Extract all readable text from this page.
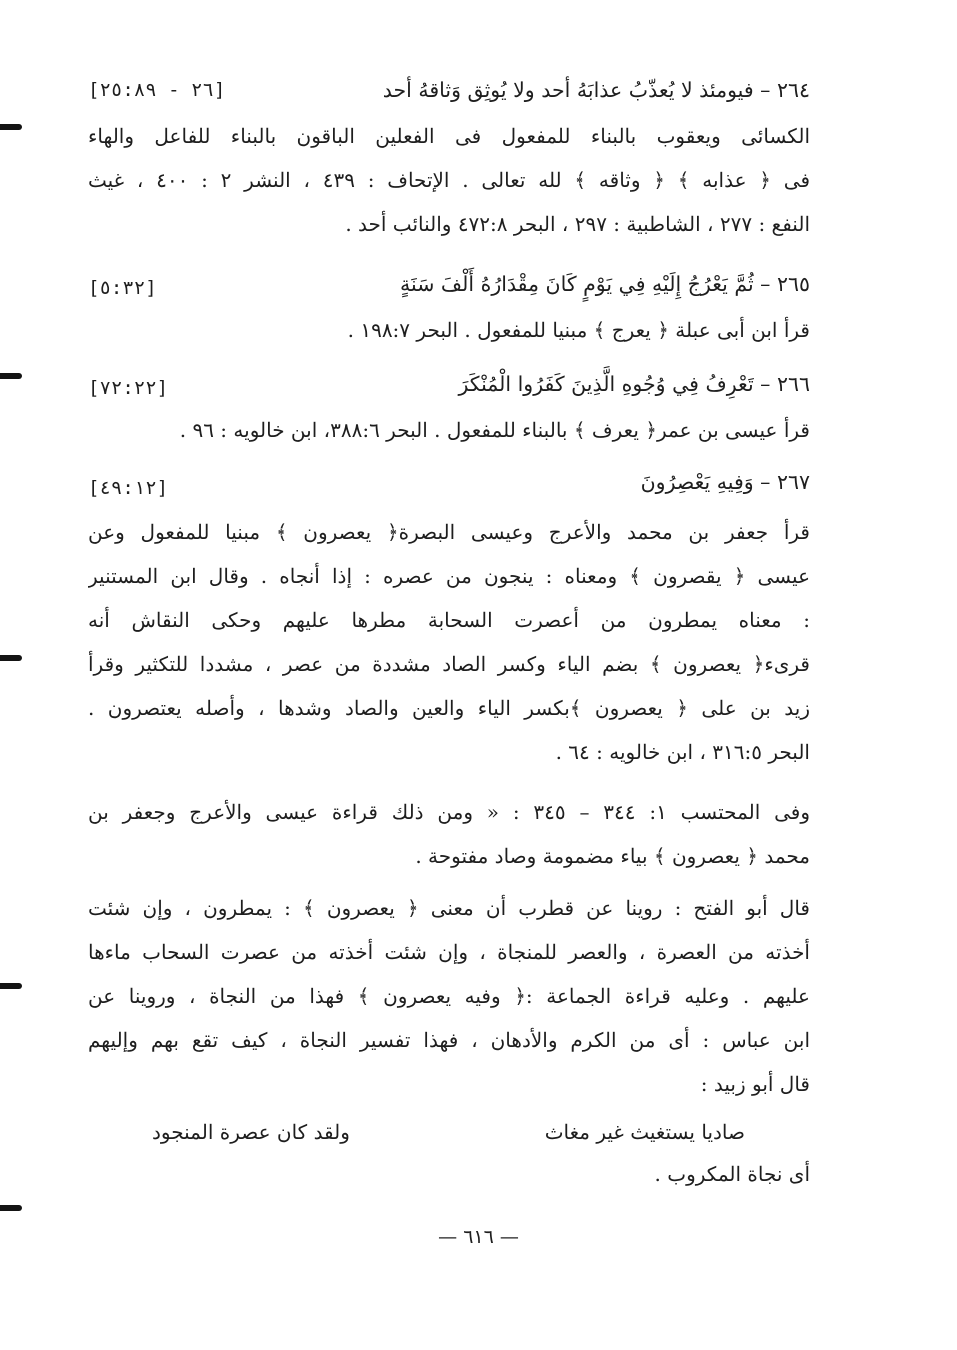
٢٦٤ – فيومئذ لا يُعذّبُ عذابَهُ أحد ولا يُوثِق وَثاقهُ أحد
[٢٦ - ٢٥:٨٩]
الكسائى ويعقوب بالبناء للمفعول فى الفعلين الباقون بالبناء للفاعل والهاء
فى ﴿ عذابه ﴾ ﴿ وثاقه ﴾ لله تعالى . الإتحاف : ٤٣٩ ، النشر ٢ : ٤٠٠ ، غيث
النفع : ٢٧٧ ، الشاطبية : ٢٩٧ ، البحر ٤٧٢:٨ والنائب أحد .
٢٦٥ – ثُمَّ يَعْرُجُ إِلَيْهِ فِي يَوْمٍ كَانَ مِقْدَارُهُ أَلْفَ سَنَةٍ
[٥:٣٢]
قرأ ابن أبى عبلة ﴿ يعرج ﴾ مبنيا للمفعول . البحر ١٩٨:٧ .
٢٦٦ – تَعْرِفُ فِي وُجُوهِ الَّذِينَ كَفَرُوا الْمُنْكَرَ
[٧٢:٢٢]
قرأ عيسى بن عمر﴿ يعرف ﴾ بالبناء للمفعول . البحر ٣٨٨:٦، ابن خالويه : ٩٦ .
٢٦٧ – وَفِيهِ يَعْصِرُونَ
[٤٩:١٢]
قرأ جعفر بن محمد والأعرج وعيسى البصرة﴿ يعصرون ﴾ مبنيا للمفعول وعن
عيسى ﴿ يقصرون ﴾ ومعناه : ينجون من عصره : إذا أنجاه . وقال ابن المستنير
: معناه يمطرون من أعصرت السحابة مطرها عليهم وحكى النقاش أنه
قرىء﴿ يعصرون ﴾ بضم الياء وكسر الصاد مشددة من عصر ، مشددا للتكثير وقرأ
زيد بن على ﴿ يعصرون ﴾بكسر الياء والعين والصاد وشدها ، وأصله يعتصرون .
البحر ٣١٦:٥ ، ابن خالويه : ٦٤ .
وفى المحتسب ١: ٣٤٤ – ٣٤٥ : « ومن ذلك قراءة عيسى والأعرج وجعفر بن
محمد ﴿ يعصرون ﴾ بياء مضمومة وصاد مفتوحة .
قال أبو الفتح : روينا عن قطرب أن معنى ﴿ يعصرون ﴾ : يمطرون ، وإن شئت
أخذته من العصرة ، والعصر للمنجاة ، وإن شئت أخذته من عصرت السحاب ماءها
عليهم . وعليه قراءة الجماعة :﴿ وفيه يعصرون ﴾ فهذا من النجاة ، وروينا عن
ابن عباس : أى من الكرم والأدهان ، فهذا تفسير النجاة ، كيف تقع بهم وإليهم
قال أبو زبيد :
صاديا يستغيث غير مغاث
ولقد كان عصرة المنجود
أى نجاة المكروب .
— ٦١٦ —
